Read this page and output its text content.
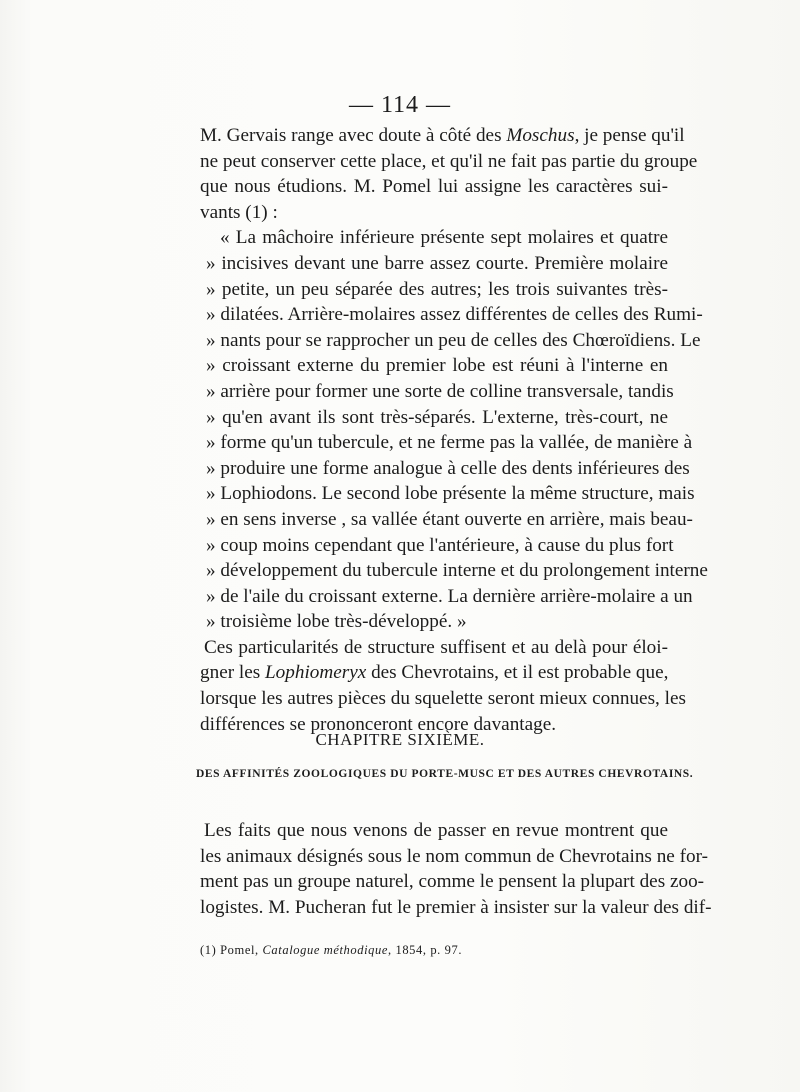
— 114 —
M. Gervais range avec doute à côté des Moschus, je pense qu'il
ne peut conserver cette place, et qu'il ne fait pas partie du groupe
que nous étudions. M. Pomel lui assigne les caractères sui-
vants (1) :
« La mâchoire inférieure présente sept molaires et quatre
» incisives devant une barre assez courte. Première molaire
» petite, un peu séparée des autres; les trois suivantes très-
» dilatées. Arrière-molaires assez différentes de celles des Rumi-
» nants pour se rapprocher un peu de celles des Chœroïdiens. Le
» croissant externe du premier lobe est réuni à l'interne en
» arrière pour former une sorte de colline transversale, tandis
» qu'en avant ils sont très-séparés. L'externe, très-court, ne
» forme qu'un tubercule, et ne ferme pas la vallée, de manière à
» produire une forme analogue à celle des dents inférieures des
» Lophiodons. Le second lobe présente la même structure, mais
» en sens inverse , sa vallée étant ouverte en arrière, mais beau-
» coup moins cependant que l'antérieure, à cause du plus fort
» développement du tubercule interne et du prolongement interne
» de l'aile du croissant externe. La dernière arrière-molaire a un
» troisième lobe très-développé. »
Ces particularités de structure suffisent et au delà pour éloi-
gner les Lophiomeryx des Chevrotains, et il est probable que,
lorsque les autres pièces du squelette seront mieux connues, les
différences se prononceront encore davantage.
CHAPITRE SIXIÈME.
DES AFFINITÉS ZOOLOGIQUES DU PORTE-MUSC ET DES AUTRES CHEVROTAINS.
Les faits que nous venons de passer en revue montrent que
les animaux désignés sous le nom commun de Chevrotains ne for-
ment pas un groupe naturel, comme le pensent la plupart des zoo-
logistes. M. Pucheran fut le premier à insister sur la valeur des dif-
(1) Pomel, Catalogue méthodique, 1854, p. 97.
